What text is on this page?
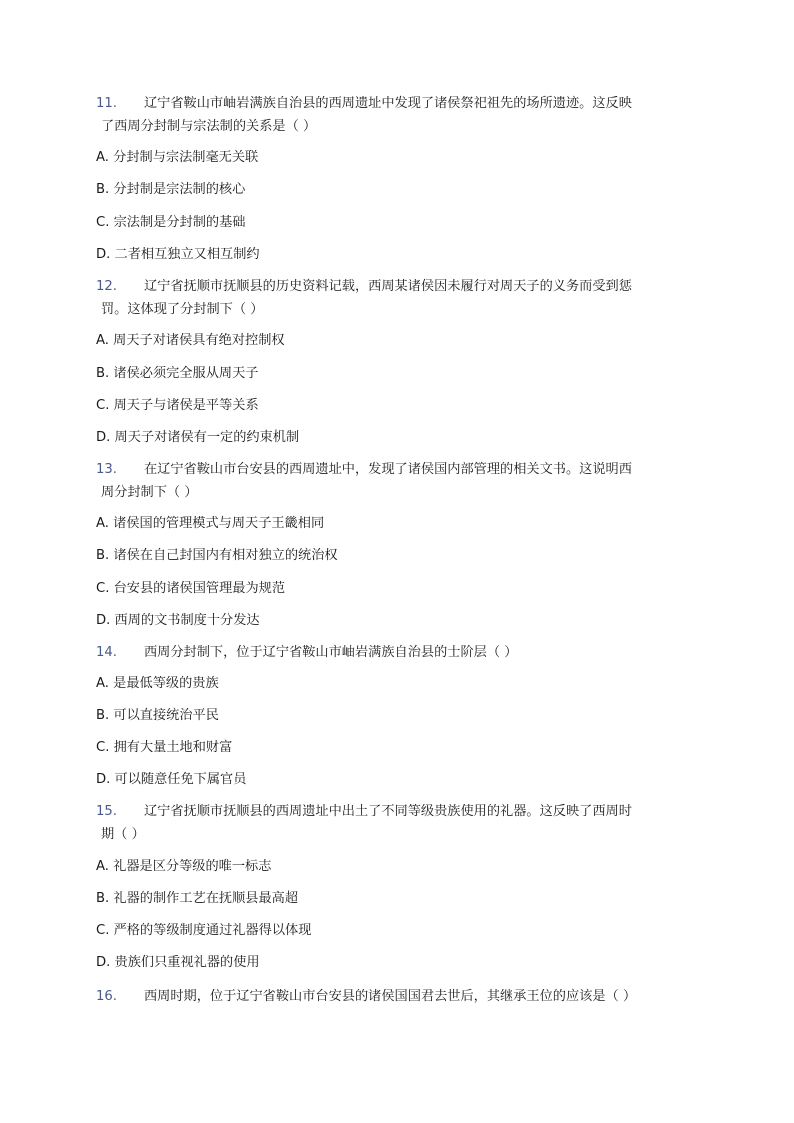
11. 辽宁省鞍山市岫岩满族自治县的西周遗址中发现了诸侯祭祀祖先的场所遗迹。这反映
了西周分封制与宗法制的关系是（ ）
A. 分封制与宗法制毫无关联
B. 分封制是宗法制的核心
C. 宗法制是分封制的基础
D. 二者相互独立又相互制约
12. 辽宁省抚顺市抚顺县的历史资料记载，西周某诸侯因未履行对周天子的义务而受到惩
罚。这体现了分封制下（ ）
A. 周天子对诸侯具有绝对控制权
B. 诸侯必须完全服从周天子
C. 周天子与诸侯是平等关系
D. 周天子对诸侯有一定的约束机制
13. 在辽宁省鞍山市台安县的西周遗址中，发现了诸侯国内部管理的相关文书。这说明西
周分封制下（ ）
A. 诸侯国的管理模式与周天子王畿相同
B. 诸侯在自己封国内有相对独立的统治权
C. 台安县的诸侯国管理最为规范
D. 西周的文书制度十分发达
14. 西周分封制下，位于辽宁省鞍山市岫岩满族自治县的士阶层（ ）
A. 是最低等级的贵族
B. 可以直接统治平民
C. 拥有大量土地和财富
D. 可以随意任免下属官员
15. 辽宁省抚顺市抚顺县的西周遗址中出土了不同等级贵族使用的礼器。这反映了西周时
期（ ）
A. 礼器是区分等级的唯一标志
B. 礼器的制作工艺在抚顺县最高超
C. 严格的等级制度通过礼器得以体现
D. 贵族们只重视礼器的使用
16. 西周时期，位于辽宁省鞍山市台安县的诸侯国国君去世后，其继承王位的应该是（ ）
